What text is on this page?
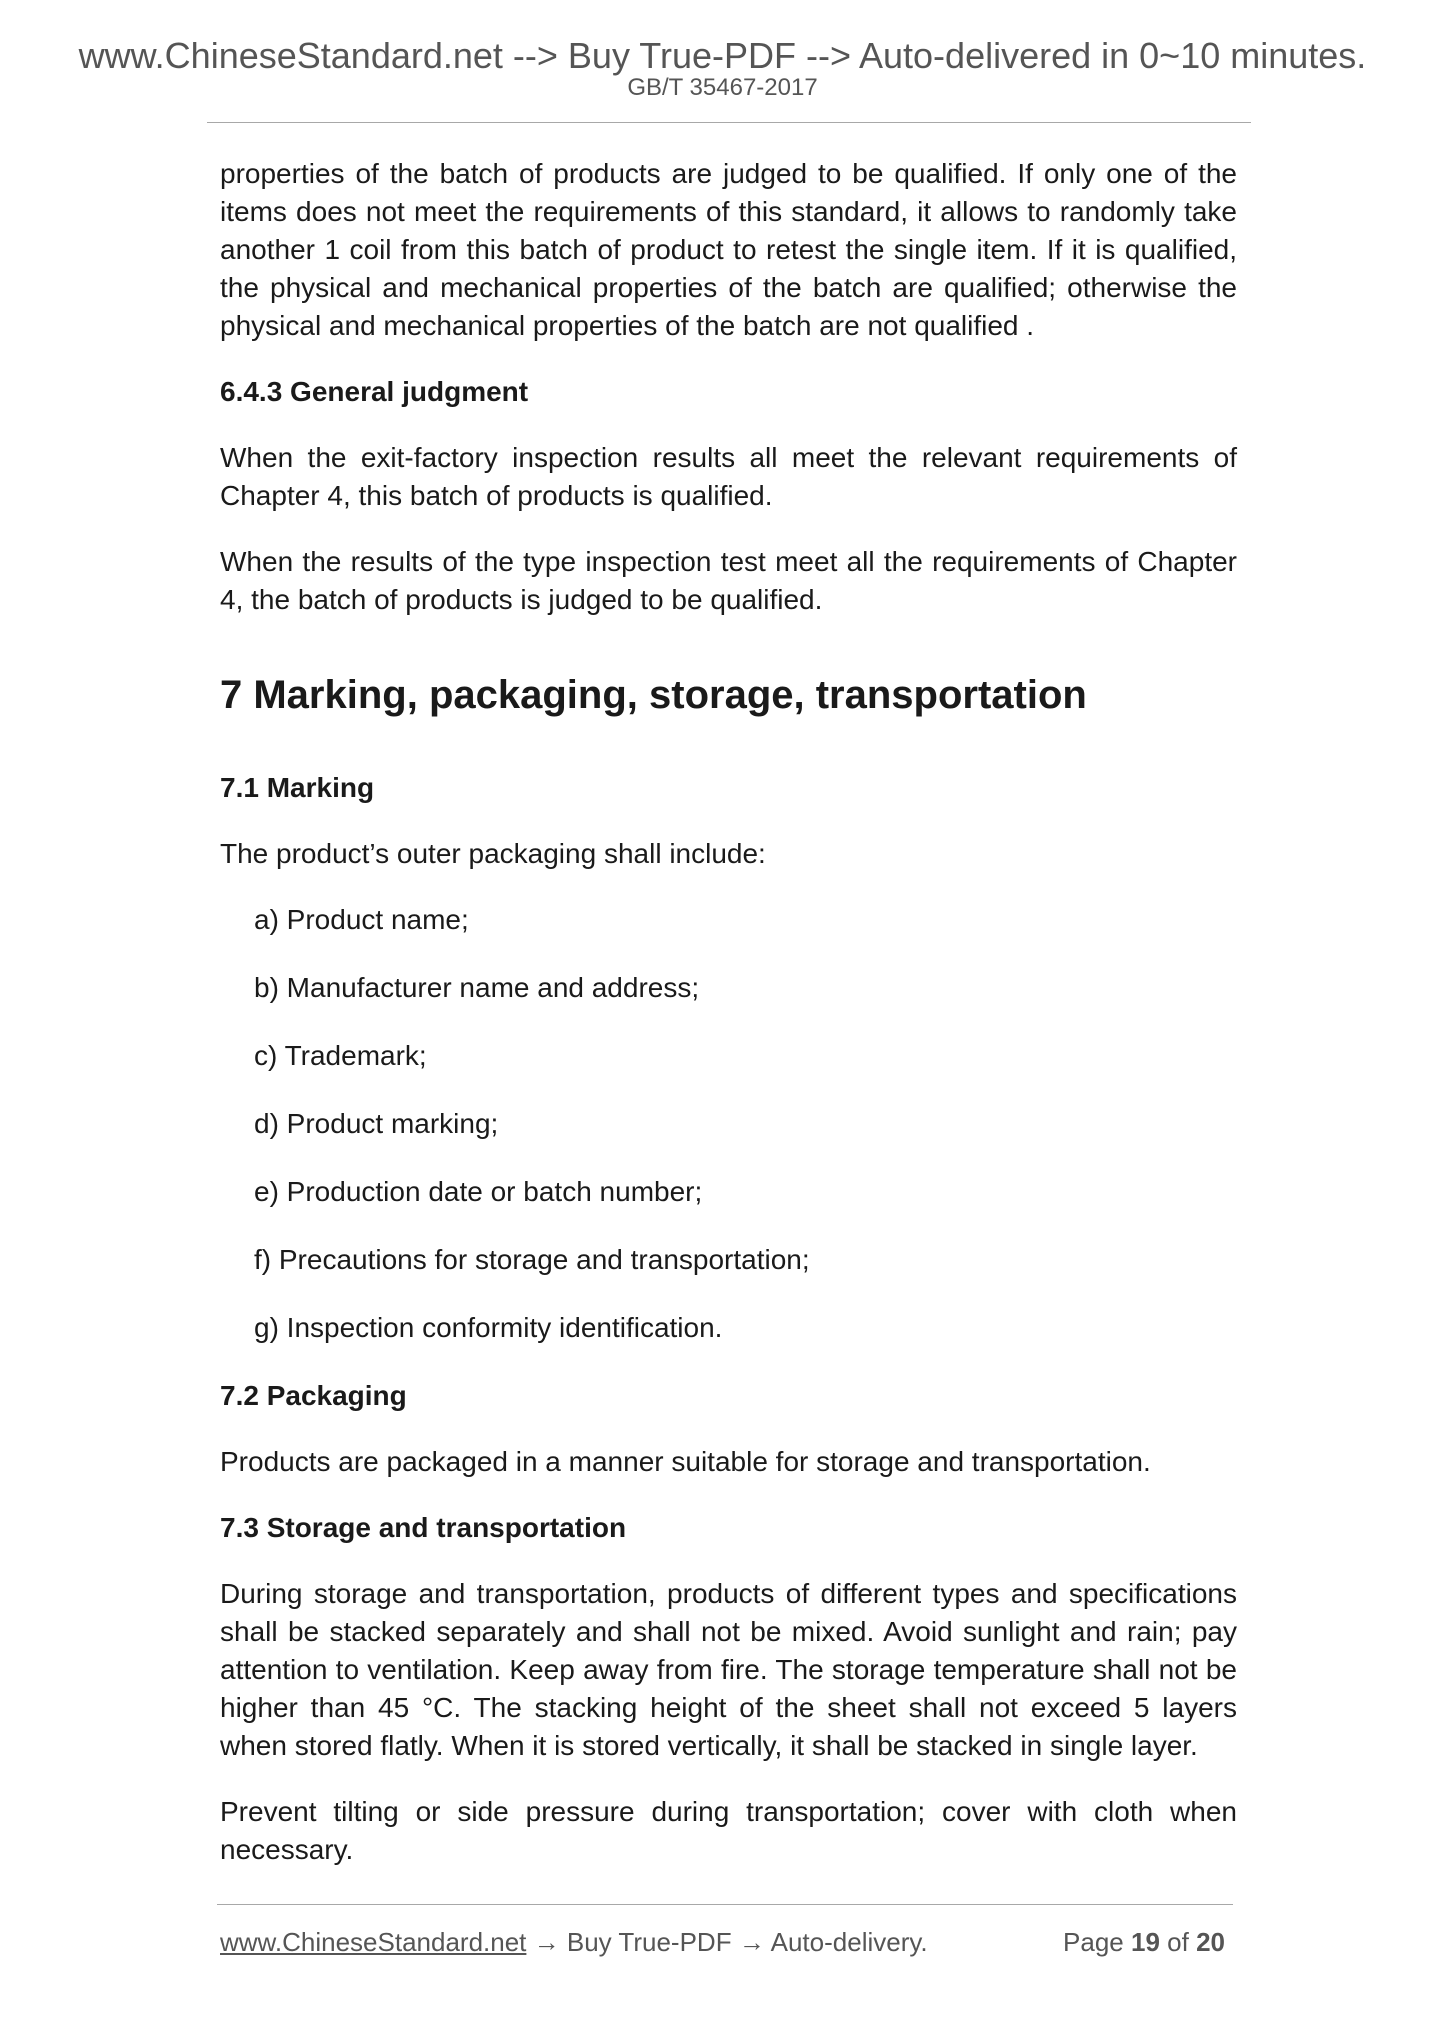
www.ChineseStandard.net --> Buy True-PDF --> Auto-delivered in 0~10 minutes.
GB/T 35467-2017

properties of the batch of products are judged to be qualified. If only one of the items does not meet the requirements of this standard, it allows to randomly take another 1 coil from this batch of product to retest the single item. If it is qualified, the physical and mechanical properties of the batch are qualified; otherwise the physical and mechanical properties of the batch are not qualified .

6.4.3 General judgment

When the exit-factory inspection results all meet the relevant requirements of Chapter 4, this batch of products is qualified.

When the results of the type inspection test meet all the requirements of Chapter 4, the batch of products is judged to be qualified.

7 Marking, packaging, storage, transportation
7.1 Marking

The product’s outer packaging shall include:

a) Product name;
b) Manufacturer name and address;
c) Trademark;
d) Product marking;
e) Production date or batch number;
f) Precautions for storage and transportation;
g) Inspection conformity identification.
7.2 Packaging

Products are packaged in a manner suitable for storage and transportation.

7.3 Storage and transportation

During storage and transportation, products of different types and specifications shall be stacked separately and shall not be mixed. Avoid sunlight and rain; pay attention to ventilation. Keep away from fire. The storage temperature shall not be higher than 45 °C. The stacking height of the sheet shall not exceed 5 layers when stored flatly. When it is stored vertically, it shall be stacked in single layer.

Prevent tilting or side pressure during transportation; cover with cloth when necessary.

www.ChineseStandard.net → Buy True-PDF → Auto-delivery.	Page 19 of 20
